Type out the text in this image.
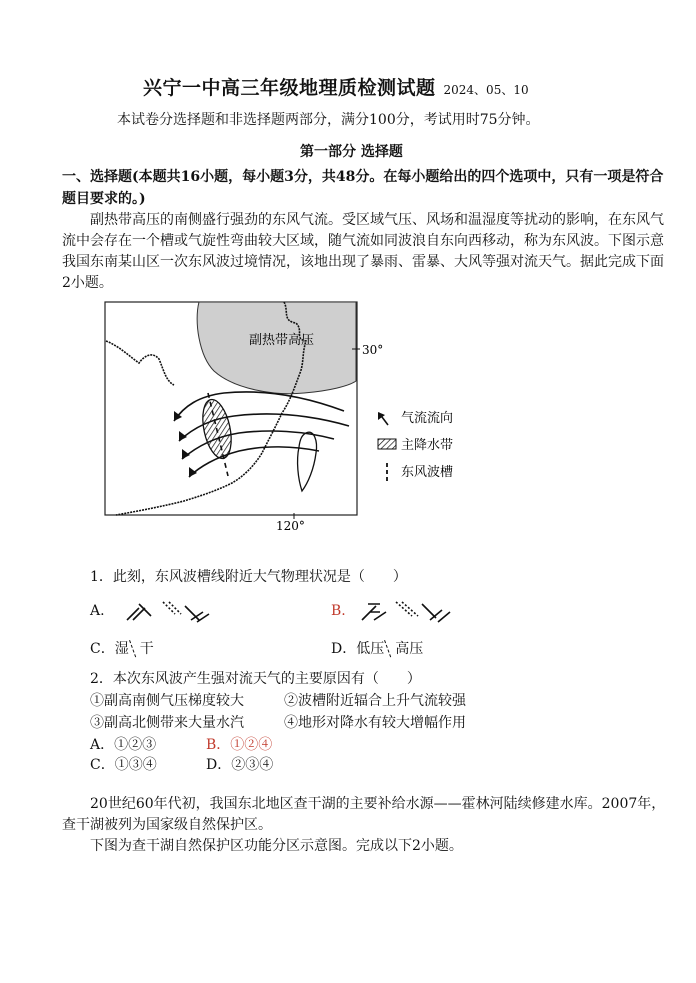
兴宁一中高三年级地理质检测试题 2024、05、10
本试卷分选择题和非选择题两部分，满分100分，考试用时75分钟。
第一部分 选择题
一、选择题(本题共16小题，每小题3分，共48分。在每小题给出的四个选项中，只有一项是符合题目要求的。)
副热带高压的南侧盛行强劲的东风气流。受区域气压、风场和温湿度等扰动的影响，在东风气流中会存在一个槽或气旋性弯曲较大区域，随气流如同波浪自东向西移动，称为东风波。下图示意我国东南某山区一次东风波过境情况，该地出现了暴雨、雷暴、大风等强对流天气。据此完成下面2小题。
副热带高压
30°
120°
气流流向
主降水带
东风波槽
1．此刻，东风波槽线附近大气物理状况是（　　）
A.	B.
C．湿 干	D．低压 高压
2．本次东风波产生强对流天气的主要原因有（　　）
①副高南侧气压梯度较大	②波槽附近辐合上升气流较强
③副高北侧带来大量水汽	④地形对降水有较大增幅作用
A．①②③	B．①②④
C．①③④	D．②③④
20世纪60年代初，我国东北地区查干湖的主要补给水源——霍林河陆续修建水库。2007年，查干湖被列为国家级自然保护区。
下图为查干湖自然保护区功能分区示意图。完成以下2小题。
